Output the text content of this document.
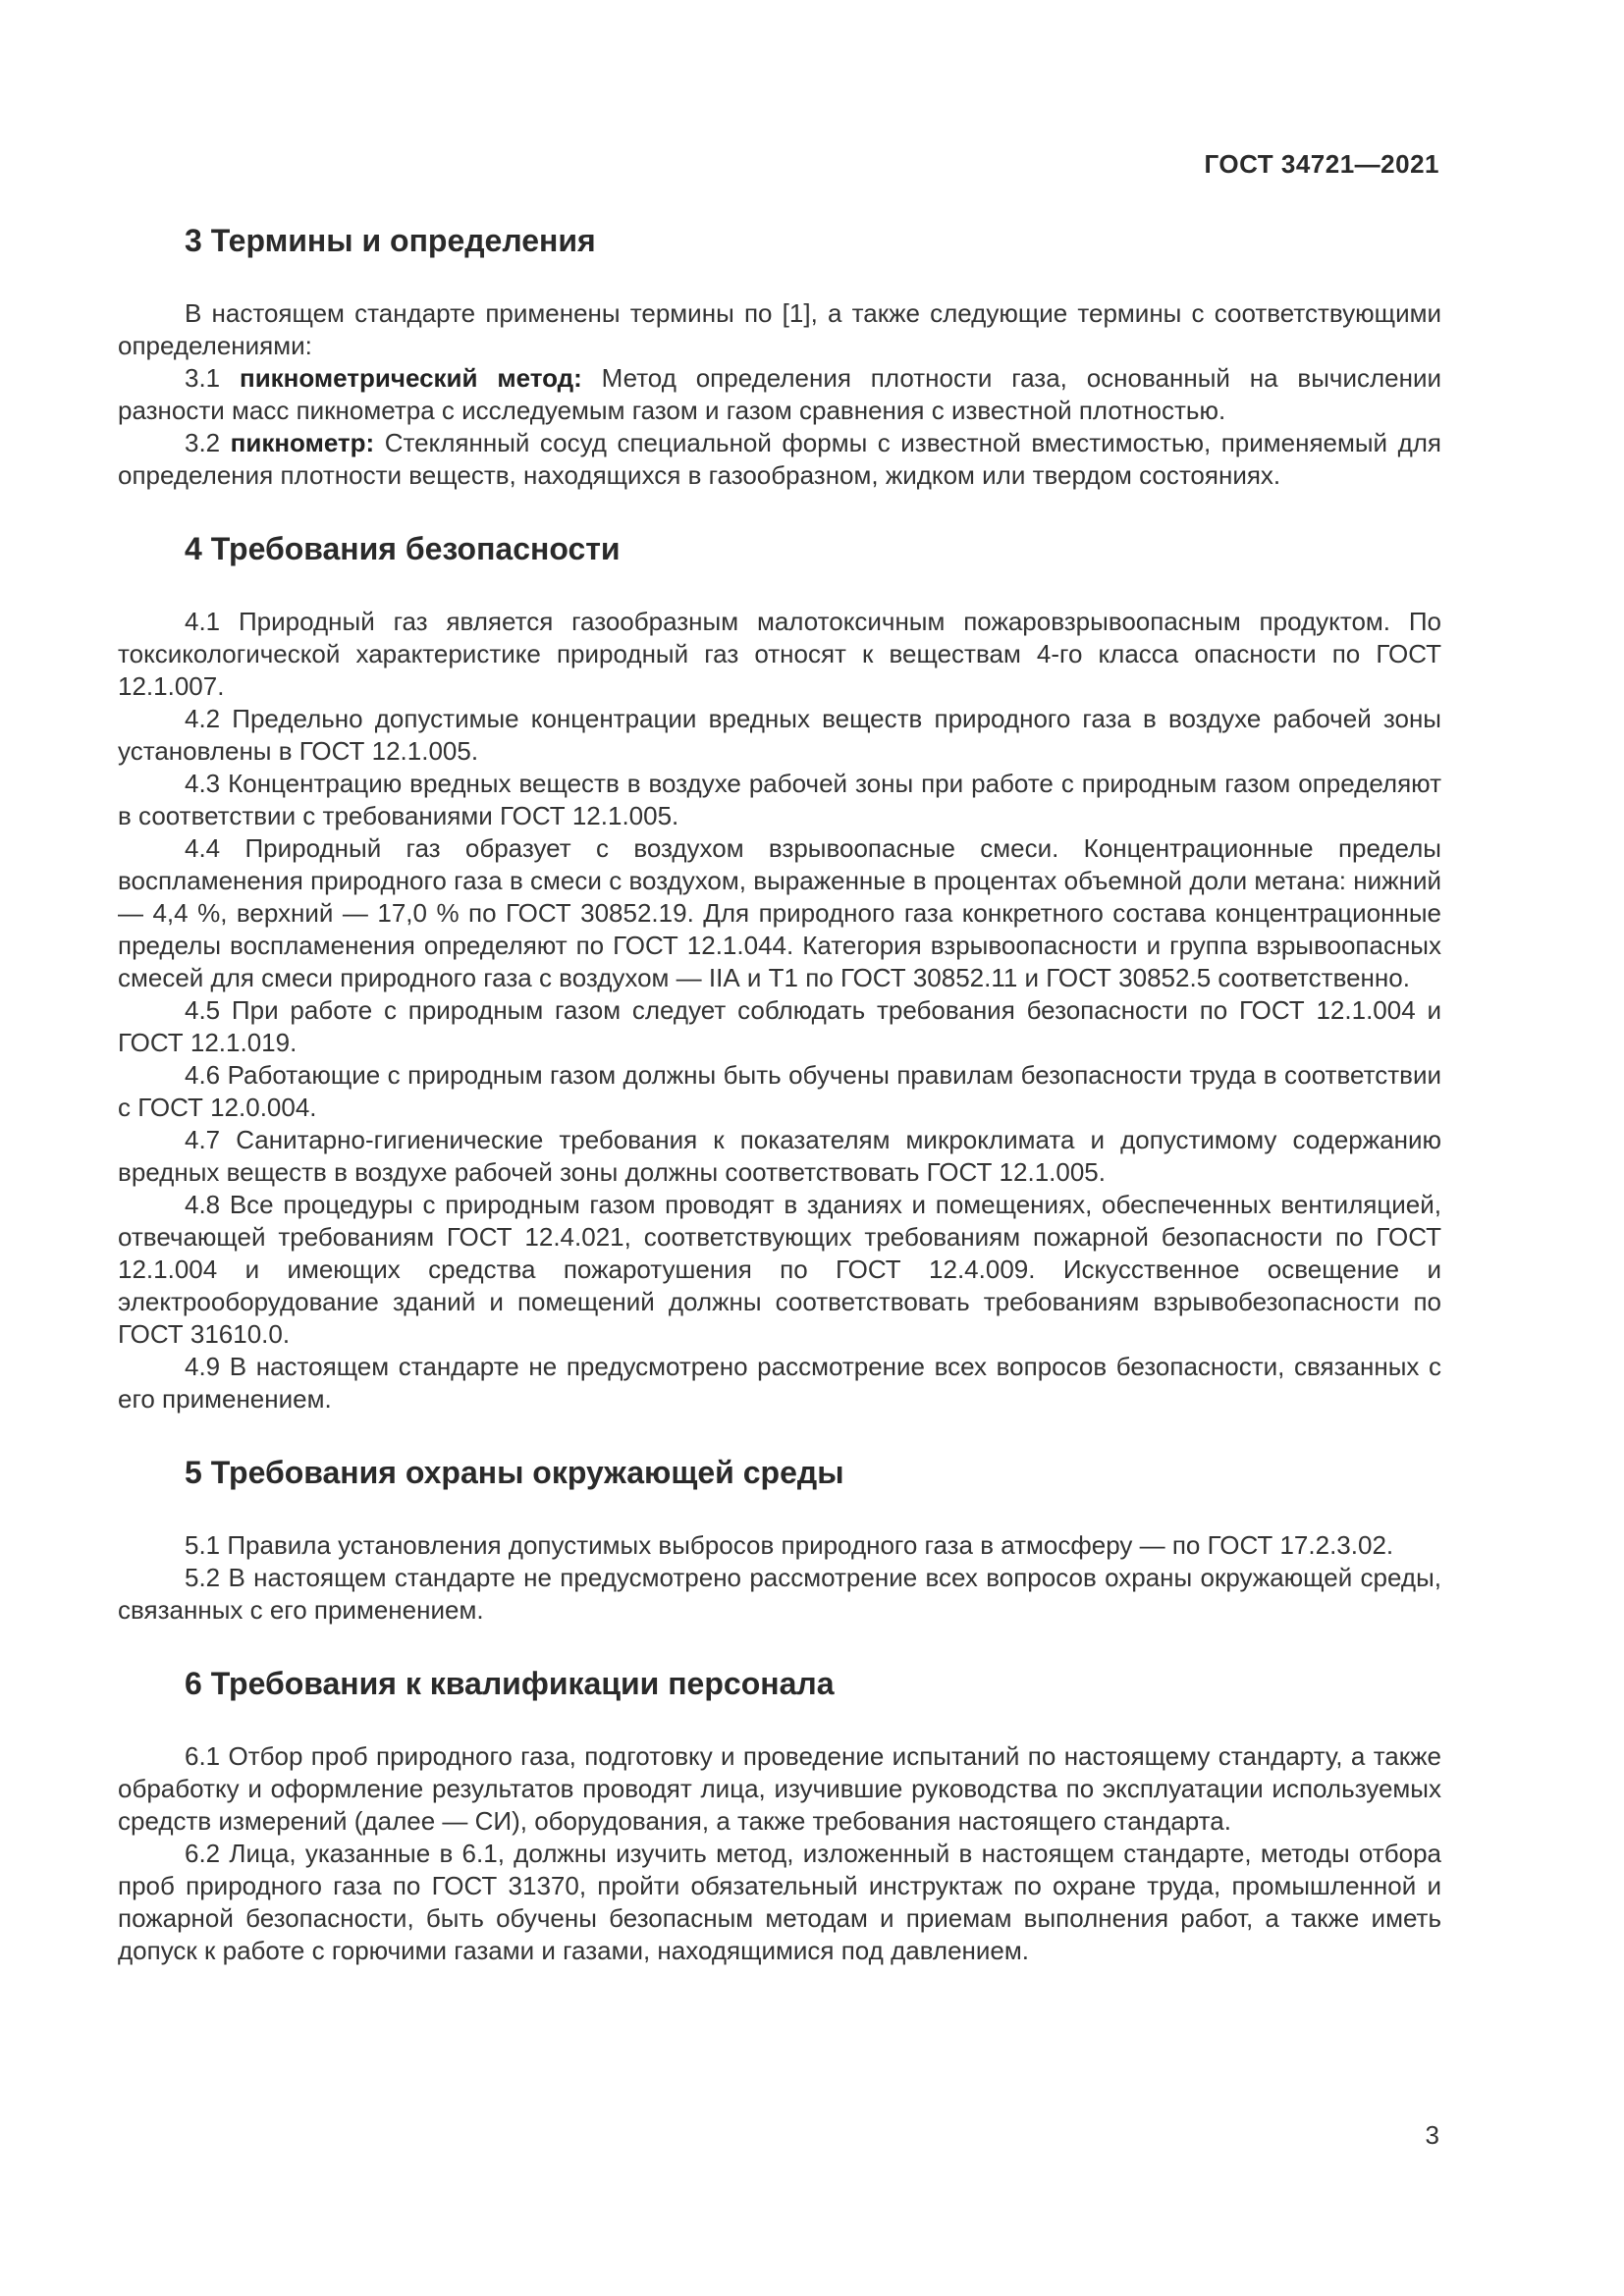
ГОСТ 34721—2021
3 Термины и определения

В настоящем стандарте применены термины по [1], а также следующие термины с соответствующими определениями:

3.1 пикнометрический метод: Метод определения плотности газа, основанный на вычислении разности масс пикнометра с исследуемым газом и газом сравнения с известной плотностью.

3.2 пикнометр: Стеклянный сосуд специальной формы с известной вместимостью, применяемый для определения плотности веществ, находящихся в газообразном, жидком или твердом состояниях.

4 Требования безопасности

4.1 Природный газ является газообразным малотоксичным пожаровзрывоопасным продуктом. По токсикологической характеристике природный газ относят к веществам 4-го класса опасности по ГОСТ 12.1.007.

4.2 Предельно допустимые концентрации вредных веществ природного газа в воздухе рабочей зоны установлены в ГОСТ 12.1.005.

4.3 Концентрацию вредных веществ в воздухе рабочей зоны при работе с природным газом определяют в соответствии с требованиями ГОСТ 12.1.005.

4.4 Природный газ образует с воздухом взрывоопасные смеси. Концентрационные пределы воспламенения природного газа в смеси с воздухом, выраженные в процентах объемной доли метана: нижний — 4,4 %, верхний — 17,0 % по ГОСТ 30852.19. Для природного газа конкретного состава концентрационные пределы воспламенения определяют по ГОСТ 12.1.044. Категория взрывоопасности и группа взрывоопасных смесей для смеси природного газа с воздухом — IIА и Т1 по ГОСТ 30852.11 и ГОСТ 30852.5 соответственно.

4.5 При работе с природным газом следует соблюдать требования безопасности по ГОСТ 12.1.004 и ГОСТ 12.1.019.

4.6 Работающие с природным газом должны быть обучены правилам безопасности труда в соответствии с ГОСТ 12.0.004.

4.7 Санитарно-гигиенические требования к показателям микроклимата и допустимому содержанию вредных веществ в воздухе рабочей зоны должны соответствовать ГОСТ 12.1.005.

4.8 Все процедуры с природным газом проводят в зданиях и помещениях, обеспеченных вентиляцией, отвечающей требованиям ГОСТ 12.4.021, соответствующих требованиям пожарной безопасности по ГОСТ 12.1.004 и имеющих средства пожаротушения по ГОСТ 12.4.009. Искусственное освещение и электрооборудование зданий и помещений должны соответствовать требованиям взрывобезопасности по ГОСТ 31610.0.

4.9 В настоящем стандарте не предусмотрено рассмотрение всех вопросов безопасности, связанных с его применением.

5 Требования охраны окружающей среды

5.1 Правила установления допустимых выбросов природного газа в атмосферу — по ГОСТ 17.2.3.02.

5.2 В настоящем стандарте не предусмотрено рассмотрение всех вопросов охраны окружающей среды, связанных с его применением.

6 Требования к квалификации персонала

6.1 Отбор проб природного газа, подготовку и проведение испытаний по настоящему стандарту, а также обработку и оформление результатов проводят лица, изучившие руководства по эксплуатации используемых средств измерений (далее — СИ), оборудования, а также требования настоящего стандарта.

6.2 Лица, указанные в 6.1, должны изучить метод, изложенный в настоящем стандарте, методы отбора проб природного газа по ГОСТ 31370, пройти обязательный инструктаж по охране труда, промышленной и пожарной безопасности, быть обучены безопасным методам и приемам выполнения работ, а также иметь допуск к работе с горючими газами и газами, находящимися под давлением.

3
